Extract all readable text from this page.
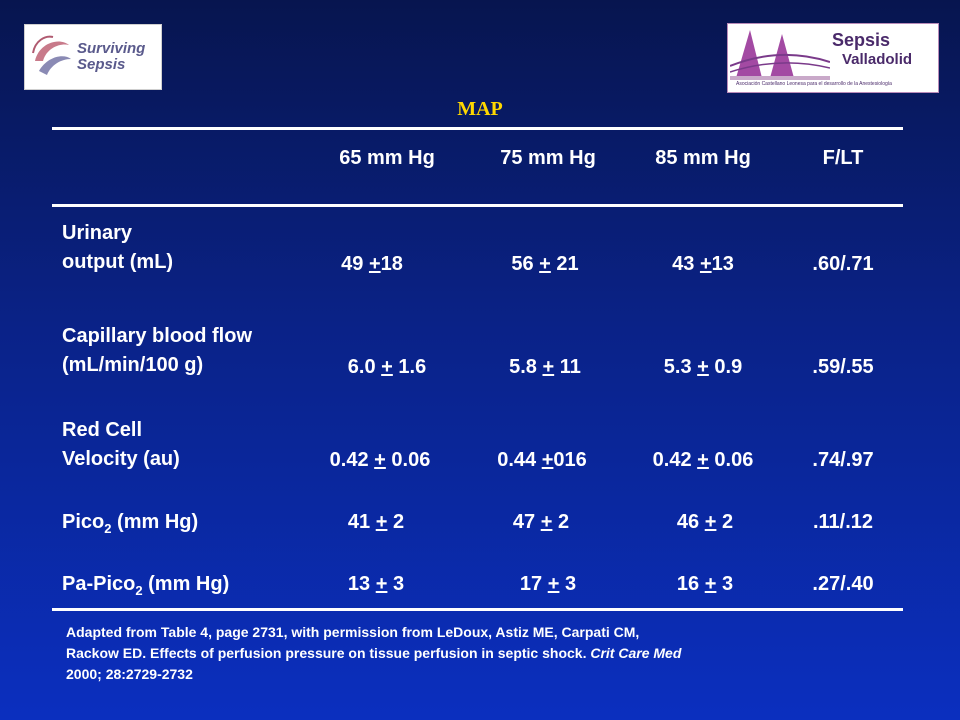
Surviving
Sepsis
Sepsis
Valladolid
Asociación Castellano Leonesa para el desarrollo de la Anestesiología
MAP
65 mm Hg	75 mm Hg	85 mm Hg	F/LT
Urinary
output (mL)	49 +18	56 + 21	43 +13	.60/.71
Capillary blood flow
(mL/min/100 g)	6.0 + 1.6	5.8 + 11	5.3 + 0.9	.59/.55
Red Cell
Velocity (au)	0.42 + 0.06	0.44 +016	0.42 + 0.06	.74/.97
Pico$_2$ (mm Hg)	41 + 2	47 + 2	46 + 2	.11/.12
Pa-Pico$_2$ (mm Hg)	13 + 3	17 + 3	16 + 3	.27/.40
Adapted from Table 4, page 2731, with permission from LeDoux, Astiz ME, Carpati CM,
Rackow ED. Effects of perfusion pressure on tissue perfusion in septic shock. Crit Care Med
2000; 28:2729-2732
